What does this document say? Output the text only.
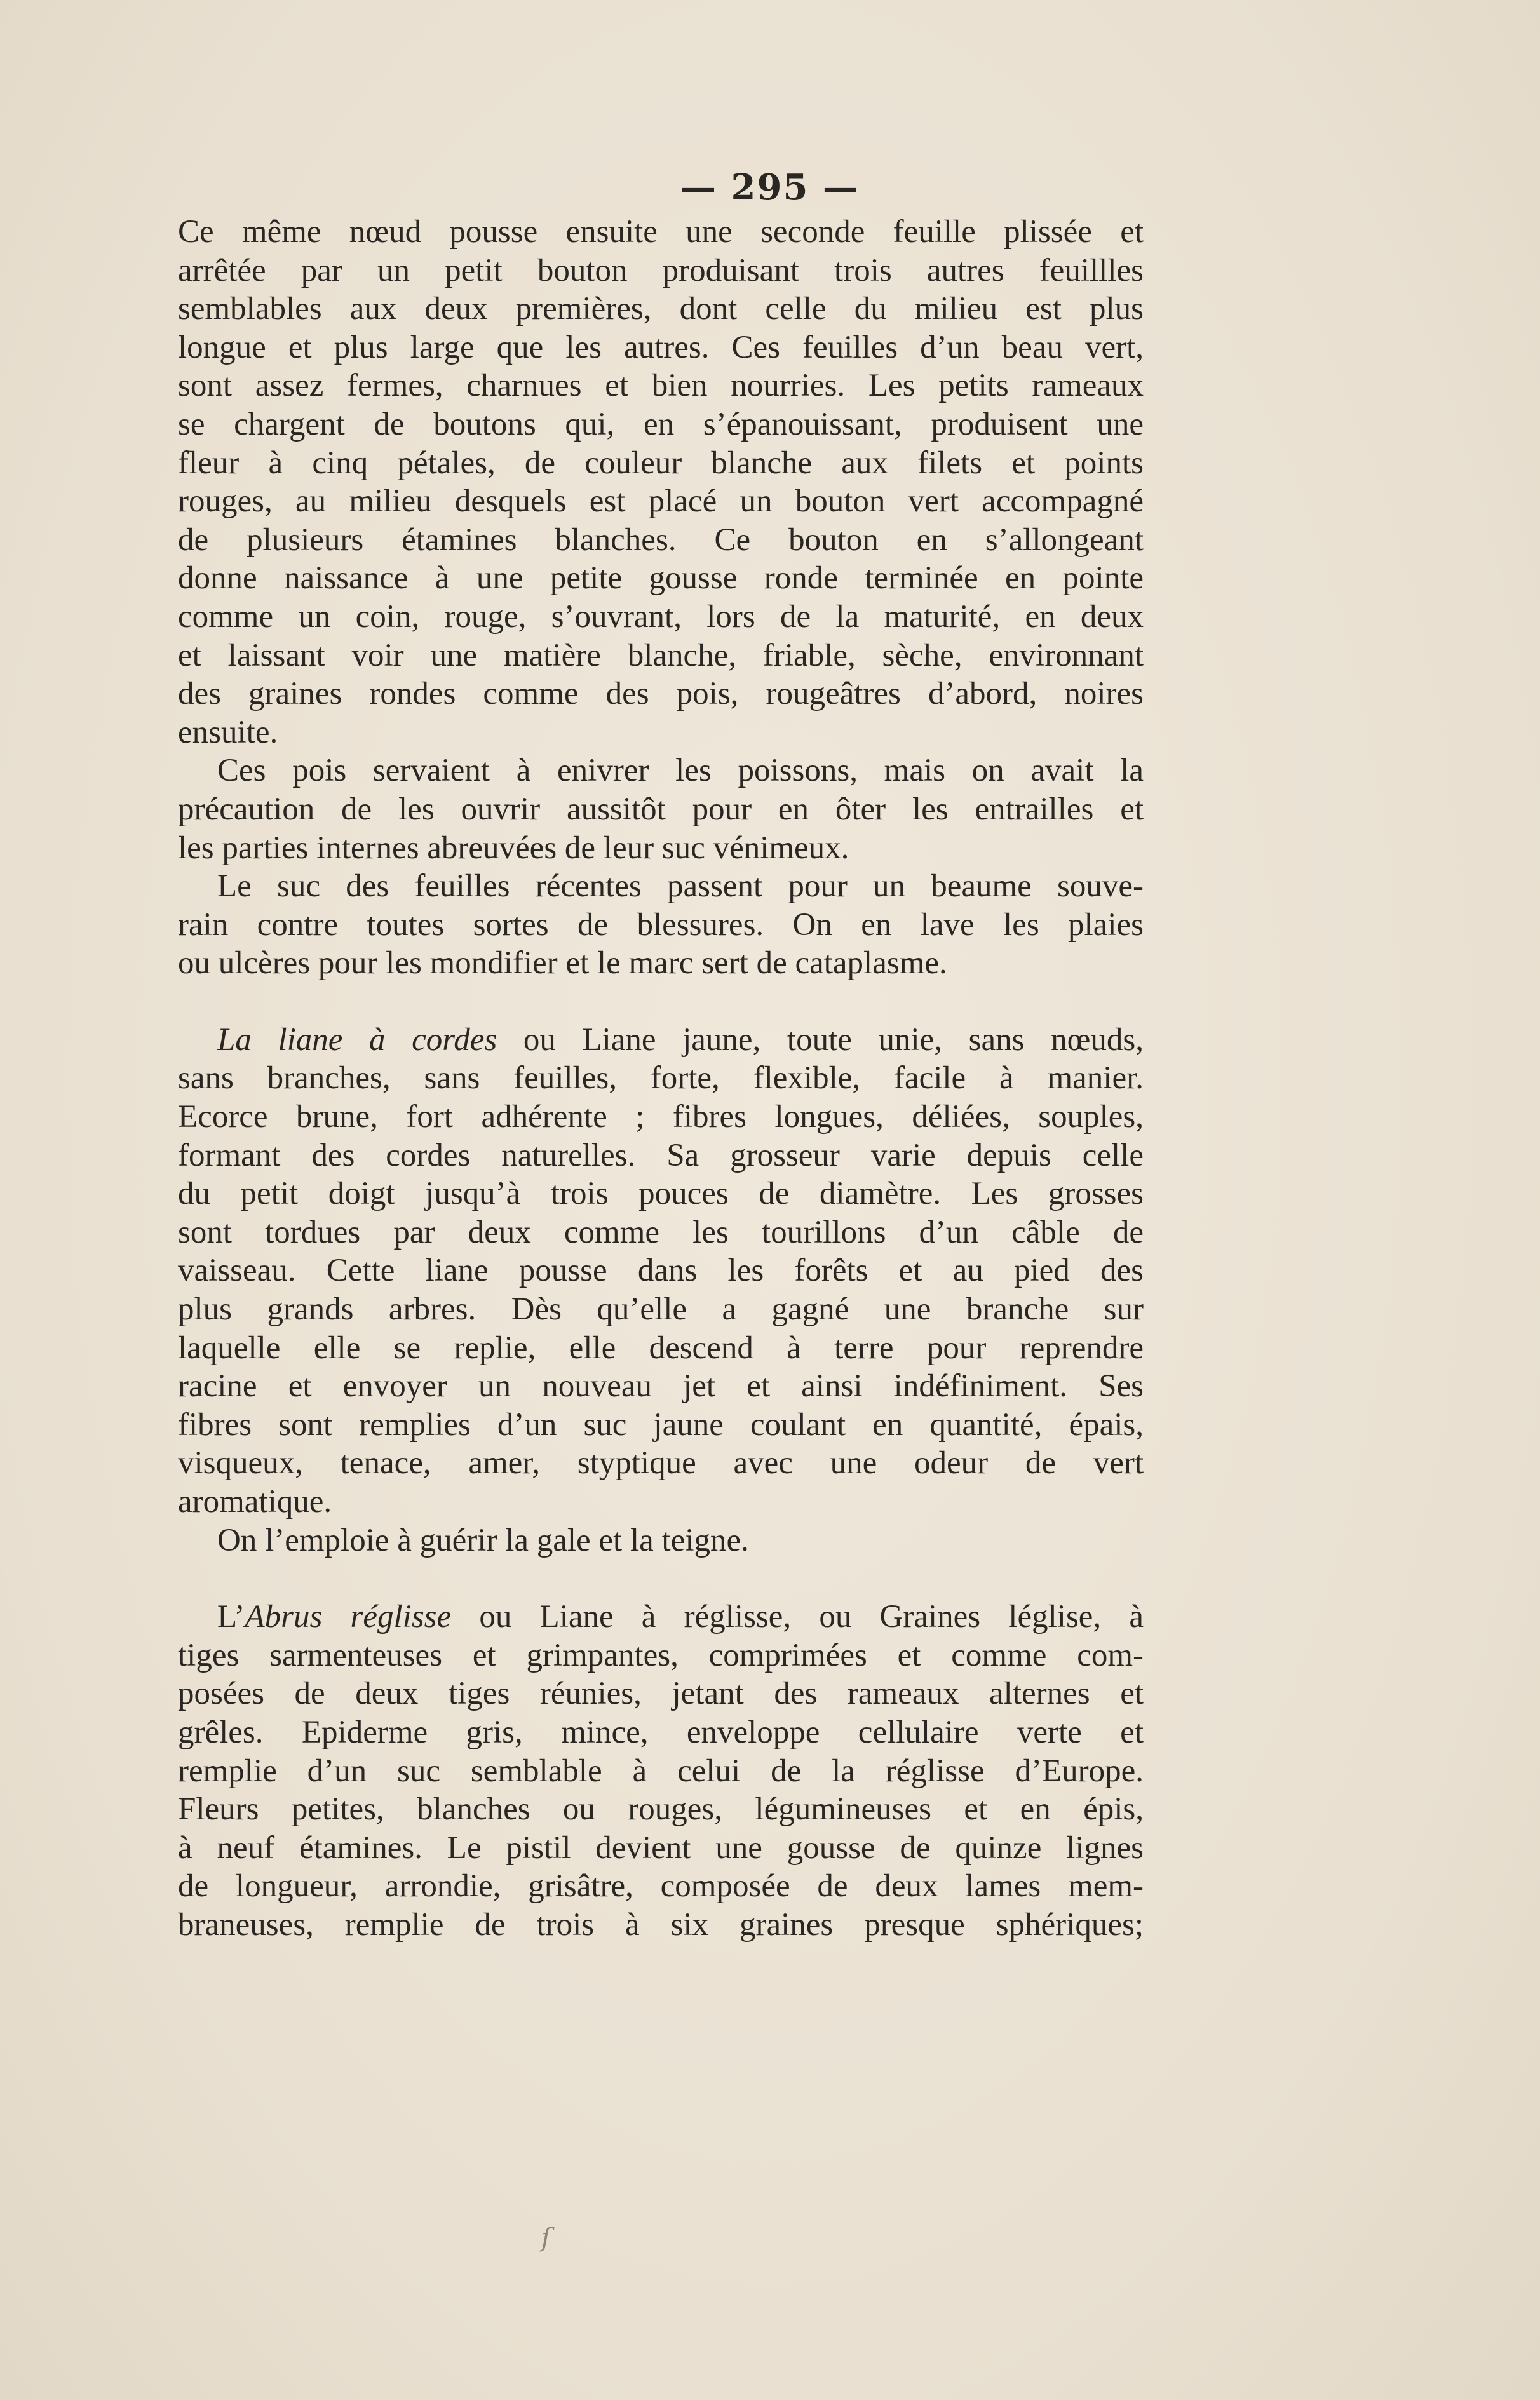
— 295 —

Ce même nœud pousse ensuite une seconde feuille plissée et
arrêtée par un petit bouton produisant trois autres feuillles
semblables aux deux premières, dont celle du milieu est plus
longue et plus large que les autres. Ces feuilles d’un beau vert,
sont assez fermes, charnues et bien nourries. Les petits rameaux
se chargent de boutons qui, en s’épanouissant, produisent une
fleur à cinq pétales, de couleur blanche aux filets et points
rouges, au milieu desquels est placé un bouton vert accompagné
de plusieurs étamines blanches. Ce bouton en s’allongeant
donne naissance à une petite gousse ronde terminée en pointe
comme un coin, rouge, s’ouvrant, lors de la maturité, en deux
et laissant voir une matière blanche, friable, sèche, environnant
des graines rondes comme des pois, rougeâtres d’abord, noires
ensuite.

Ces pois servaient à enivrer les poissons, mais on avait la
précaution de les ouvrir aussitôt pour en ôter les entrailles et
les parties internes abreuvées de leur suc vénimeux.

Le suc des feuilles récentes passent pour un beaume souve-
rain contre toutes sortes de blessures. On en lave les plaies
ou ulcères pour les mondifier et le marc sert de cataplasme.

La liane à cordes ou Liane jaune, toute unie, sans nœuds,
sans branches, sans feuilles, forte, flexible, facile à manier.
Ecorce brune, fort adhérente ; fibres longues, déliées, souples,
formant des cordes naturelles. Sa grosseur varie depuis celle
du petit doigt jusqu’à trois pouces de diamètre. Les grosses
sont tordues par deux comme les tourillons d’un câble de
vaisseau. Cette liane pousse dans les forêts et au pied des
plus grands arbres. Dès qu’elle a gagné une branche sur
laquelle elle se replie, elle descend à terre pour reprendre
racine et envoyer un nouveau jet et ainsi indéfiniment. Ses
fibres sont remplies d’un suc jaune coulant en quantité, épais,
visqueux, tenace, amer, styptique avec une odeur de vert
aromatique.

On l’emploie à guérir la gale et la teigne.

L’Abrus réglisse ou Liane à réglisse, ou Graines léglise, à
tiges sarmenteuses et grimpantes, comprimées et comme com-
posées de deux tiges réunies, jetant des rameaux alternes et
grêles. Epiderme gris, mince, enveloppe cellulaire verte et
remplie d’un suc semblable à celui de la réglisse d’Europe.
Fleurs petites, blanches ou rouges, légumineuses et en épis,
à neuf étamines. Le pistil devient une gousse de quinze lignes
de longueur, arrondie, grisâtre, composée de deux lames mem-
braneuses, remplie de trois à six graines presque sphériques;

ſ
